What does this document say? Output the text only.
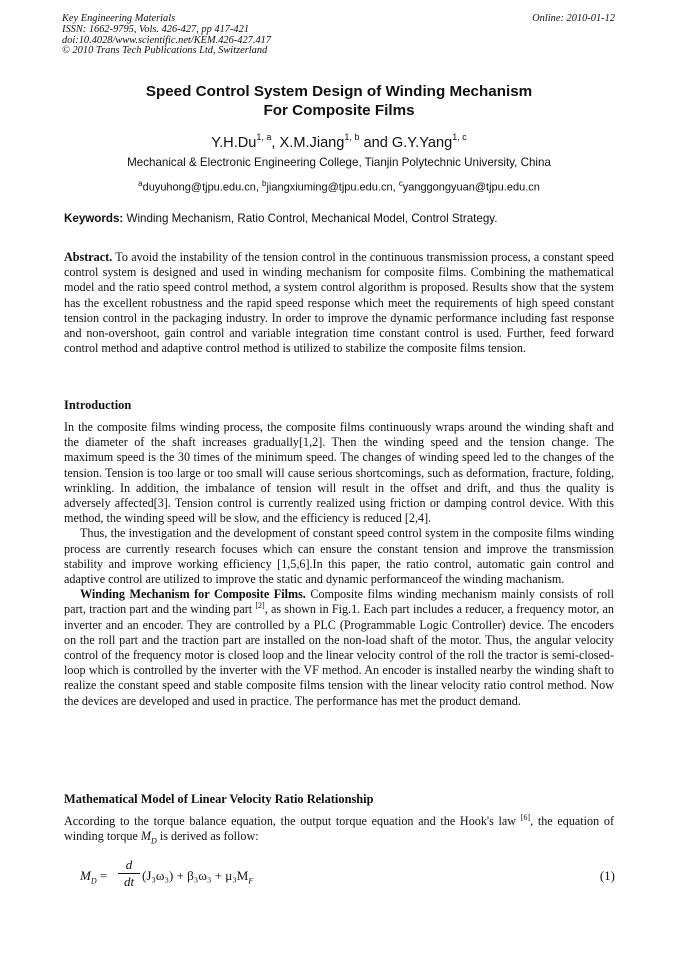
Key Engineering Materials
ISSN: 1662-9795, Vols. 426-427, pp 417-421
doi:10.4028/www.scientific.net/KEM.426-427.417
© 2010 Trans Tech Publications Ltd, Switzerland
Online: 2010-01-12
Speed Control System Design of Winding Mechanism
For Composite Films
Y.H.Du$^{1, a}$, X.M.Jiang$^{1, b}$ and G.Y.Yang$^{1, c}$
Mechanical & Electronic Engineering College, Tianjin Polytechnic University, China
$^a$duyuhong@tjpu.edu.cn, $^b$jiangxiuming@tjpu.edu.cn, $^c$yanggongyuan@tjpu.edu.cn
Keywords: Winding Mechanism, Ratio Control, Mechanical Model, Control Strategy.

Abstract. To avoid the instability of the tension control in the continuous transmission process, a constant speed control system is designed and used in winding mechanism for composite films. Combining the mathematical model and the ratio speed control method, a system control algorithm is proposed. Results show that the system has the excellent robustness and the rapid speed response which meet the requirements of high speed constant tension control in the packaging industry. In order to improve the dynamic performance including fast response and non-overshoot, gain control and variable integration time constant control is used. Further, feed forward control method and adaptive control method is utilized to stabilize the composite films tension.

Introduction

In the composite films winding process, the composite films continuously wraps around the winding shaft and the diameter of the shaft increases gradually[1,2]. Then the winding speed and the tension change. The maximum speed is the 30 times of the minimum speed. The changes of winding speed led to the changes of the tension. Tension is too large or too small will cause serious shortcomings, such as deformation, fracture, folding, wrinkling. In addition, the imbalance of tension will result in the offset and drift, and thus the quality is adversely affected[3]. Tension control is currently realized using friction or damping control device. With this method, the winding speed will be slow, and the efficiency is reduced [2,4].

Thus, the investigation and the development of constant speed control system in the composite films winding process are currently research focuses which can ensure the constant tension and improve the transmission stability and improve working efficiency [1,5,6].In this paper, the ratio control, automatic gain control and adaptive control are utilized to improve the static and dynamic performanceof the winding machanism.

Winding Mechanism for Composite Films. Composite films winding mechanism mainly consists of roll part, traction part and the winding part [2], as shown in Fig.1. Each part includes a reducer, a frequency motor, an inverter and an encoder. They are controlled by a PLC (Programmable Logic Controller) device. The encoders on the roll part and the traction part are installed on the non-load shaft of the motor. Thus, the angular velocity control of the frequency motor is closed loop and the linear velocity control of the roll the tractor is semi-closed-loop which is controlled by the inverter with the VF method. An encoder is installed nearby the winding shaft to realize the constant speed and stable composite films tension with the linear velocity ratio control method. Now the devices are developed and used in practice. The performance has met the product demand.

Mathematical Model of Linear Velocity Ratio Relationship

According to the torque balance equation, the output torque equation and the Hook's law [6], the equation of winding torque $M_D$ is derived as follow:

$M_D$ =
d
dt $(J_3\omega_3) + \beta_3\omega_3 + \mu_3M_F$	(1)
